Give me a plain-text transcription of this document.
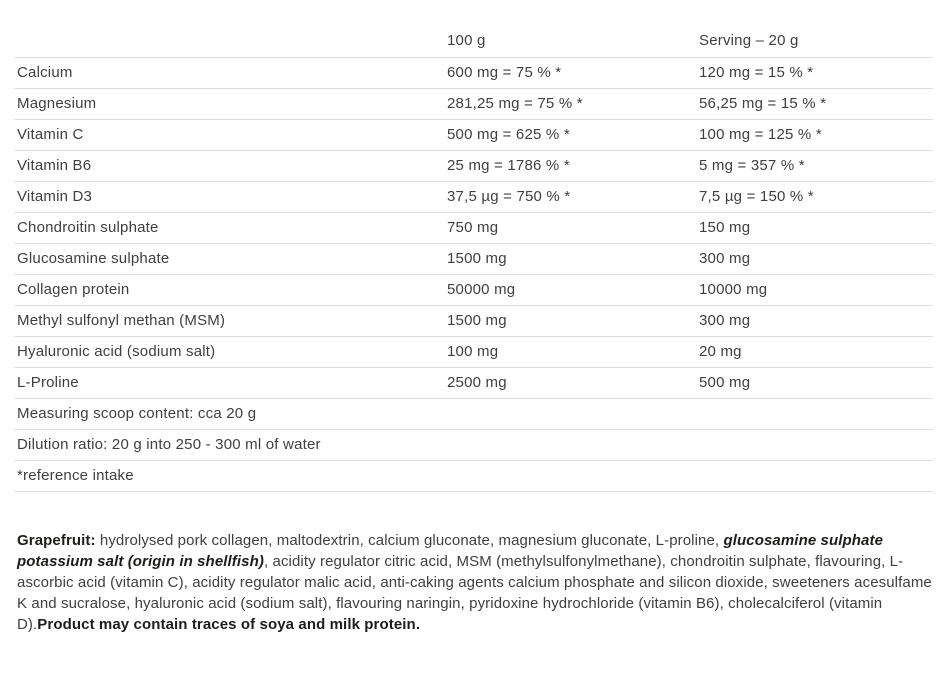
	100 g	Serving – 20 g
Calcium	600 mg = 75 % *	120 mg = 15 % *
Magnesium	281,25 mg = 75 % *	56,25 mg = 15 % *
Vitamin C	500 mg = 625 % *	100 mg = 125 % *
Vitamin B6	25 mg = 1786 % *	5 mg = 357 % *
Vitamin D3	37,5 µg = 750 % *	7,5 µg = 150 % *
Chondroitin sulphate	750 mg	150 mg
Glucosamine sulphate	1500 mg	300 mg
Collagen protein	50000 mg	10000 mg
Methyl sulfonyl methan (MSM)	1500 mg	300 mg
Hyaluronic acid (sodium salt)	100 mg	20 mg
L-Proline	2500 mg	500 mg
Measuring scoop content: cca 20 g		
Dilution ratio: 20 g into 250 - 300 ml of water		
*reference intake		

Grapefruit: hydrolysed pork collagen, maltodextrin, calcium gluconate, magnesium gluconate, L-proline, glucosamine sulphate potassium salt (origin in shellfish), acidity regulator citric acid, MSM (methylsulfonylmethane), chondroitin sulphate, flavouring, L-ascorbic acid (vitamin C), acidity regulator malic acid, anti-caking agents calcium phosphate and silicon dioxide, sweeteners acesulfame K and sucralose, hyaluronic acid (sodium salt), flavouring naringin, pyridoxine hydrochloride (vitamin B6), cholecalciferol (vitamin D).Product may contain traces of soya and milk protein.
